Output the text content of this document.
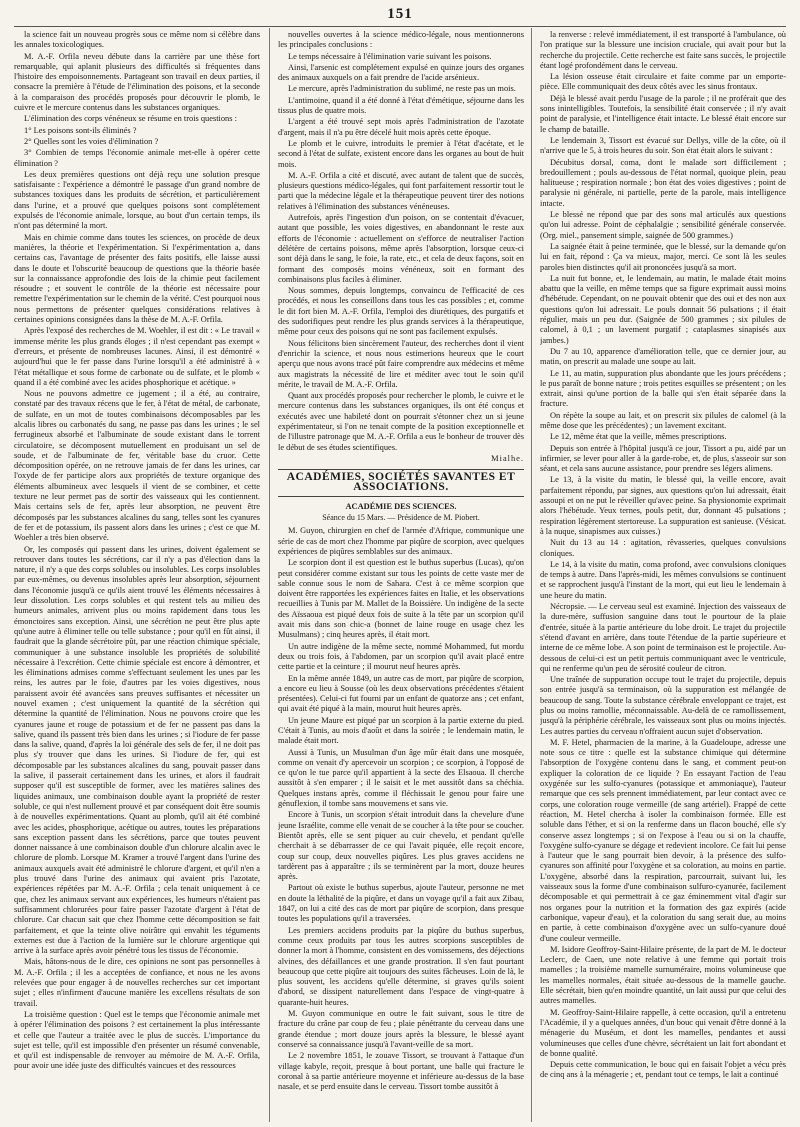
151

la science fait un nouveau progrès sous ce même nom si célèbre dans les annales toxicologiques.

M. A.-F. Orfila neveu débute dans la carrière par une thèse fort remarquable, qui aplanit plusieurs des difficultés si fréquentes dans l'histoire des empoisonnements. Partageant son travail en deux parties, il consacre la première à l'étude de l'élimination des poisons, et la seconde à la comparaison des procédés proposés pour découvrir le plomb, le cuivre et le mercure contenus dans les substances organiques.

L'élimination des corps vénéneux se résume en trois questions :

1° Les poisons sont-ils éliminés ?

2° Quelles sont les voies d'élimination ?

3° Combien de temps l'économie animale met-elle à opérer cette élimination ?

Les deux premières questions ont déjà reçu une solution presque satisfaisante : l'expérience a démontré le passage d'un grand nombre de substances toxiques dans les produits de sécrétion, et particulièrement dans l'urine, et a prouvé que quelques poisons sont complétement expulsés de l'économie animale, lorsque, au bout d'un certain temps, ils n'ont pas déterminé la mort.

Mais en chimie comme dans toutes les sciences, on procède de deux manières, la théorie et l'expérimentation. Si l'expérimentation a, dans certains cas, l'avantage de présenter des faits positifs, elle laisse aussi dans le doute et l'obscurité beaucoup de questions que la théorie basée sur la connaissance approfondie des lois de la chimie peut facilement résoudre ; et souvent le contrôle de la théorie est nécessaire pour remettre l'expérimentation sur le chemin de la vérité. C'est pourquoi nous nous permettons de présenter quelques considérations relatives à certaines opinions consignées dans la thèse de M. A.-F. Orfila.

Après l'exposé des recherches de M. Woehler, il est dit : « Le travail « immense mérite les plus grands éloges ; il n'est cependant pas exempt « d'erreurs, et présente de nombreuses lacunes. Ainsi, il est démontré « aujourd'hui que le fer passe dans l'urine lorsqu'il a été administré à « l'état métallique et sous forme de carbonate ou de sulfate, et le plomb « quand il a été combiné avec les acides phosphorique et acétique. »

Nous ne pouvons admettre ce jugement ; il a été, au contraire, constaté par des travaux récens que le fer, à l'état de métal, de carbonate, de sulfate, en un mot de toutes combinaisons décomposables par les alcalis libres ou carbonatés du sang, ne passe pas dans les urines ; le sel ferrugineux absorbé et l'albuminate de soude existant dans le torrent circulatoire, se décomposent mutuellement en produisant un sel de soude, et de l'albuminate de fer, véritable base du cruor. Cette décomposition opérée, on ne retrouve jamais de fer dans les urines, car l'oxyde de fer participe alors aux propriétés de texture organique des éléments albumineux avec lesquels il vient de se combiner, et cette texture ne leur permet pas de sortir des vaisseaux qui les contiennent. Mais certains sels de fer, après leur absorption, ne peuvent être décomposés par les substances alcalines du sang, telles sont les cyanures de fer et de potassium, ils passent alors dans les urines ; c'est ce que M. Woehler a très bien observé.

Or, les composés qui passent dans les urines, doivent également se retrouver dans toutes les sécrétions, car il n'y a pas d'élection dans la nature, il n'y a que des corps solubles ou insolubles. Les corps insolubles par eux-mêmes, ou devenus insolubles après leur absorption, séjournent dans l'économie jusqu'à ce qu'ils aient trouvé les éléments nécessaires à leur dissolution. Les corps solubles et qui restent tels au milieu des humeurs animales, arrivent plus ou moins rapidement dans tous les émonctoires sans exception. Ainsi, une sécrétion ne peut être plus apte qu'une autre à éliminer telle ou telle substance ; pour qu'il en fût ainsi, il faudrait que la glande sécrétoire pût, par une réaction chimique spéciale, communiquer à une substance insoluble les propriétés de solubilité nécessaire à l'excrétion. Cette chimie spéciale est encore à démontrer, et les éliminations admises comme s'effectuant seulement les unes par les reins, les autres par le foie, d'autres par les voies digestives, nous paraissent avoir été avancées sans preuves suffisantes et nécessiter un nouvel examen ; c'est uniquement la quantité de la sécrétion qui détermine la quantité de l'élimination. Nous ne pouvons croire que les cyanures jaune et rouge de potassium et de fer ne passent pas dans la salive, quand ils passent très bien dans les urines ; si l'iodure de fer passe dans la salive, quand, d'après la loi générale des sels de fer, il ne doit pas plus s'y trouver que dans les urines. Si l'iodure de fer, qui est décomposable par les substances alcalines du sang, pouvait passer dans la salive, il passerait certainement dans les urines, et alors il faudrait supposer qu'il est susceptible de former, avec les matières salines des liquides animaux, une combinaison double ayant la propriété de rester soluble, ce qui n'est nullement prouvé et par conséquent doit être soumis à de nouvelles expérimentations. Quant au plomb, qu'il ait été combiné avec les acides, phosphorique, acétique ou autres, toutes les préparations sans exception passent dans les sécrétions, parce que toutes peuvent donner naissance à une combinaison double d'un chlorure alcalin avec le chlorure de plomb. Lorsque M. Kramer a trouvé l'argent dans l'urine des animaux auxquels avait été administré le chlorure d'argent, et qu'il n'en a plus trouvé dans l'urine des animaux qui avaient pris l'azotate, expériences répétées par M. A.-F. Orfila ; cela tenait uniquement à ce que, chez les animaux servant aux expériences, les humeurs n'étaient pas suffisamment chlorurées pour faire passer l'azotate d'argent à l'état de chlorure. Car chacun sait que chez l'homme cette décomposition se fait parfaitement, et que la teinte olive noirâtre qui envahit les téguments externes est due à l'action de la lumière sur le chlorure argentique qui arrive à la surface après avoir pénétré tous les tissus de l'économie.

Mais, hâtons-nous de le dire, ces opinions ne sont pas personnelles à M. A.-F. Orfila ; il les a acceptées de confiance, et nous ne les avons relevées que pour engager à de nouvelles recherches sur cet important sujet ; elles n'infirment d'aucune manière les excellens résultats de son travail.

La troisième question : Quel est le temps que l'économie animale met à opérer l'élimination des poisons ? est certainement la plus intéressante et celle que l'auteur a traitée avec le plus de succès. L'importance du sujet est telle, qu'il est impossible d'en présenter un résumé convenable, et qu'il est indispensable de renvoyer au mémoire de M. A.-F. Orfila, pour avoir une idée juste des difficultés vaincues et des ressources

nouvelles ouvertes à la science médico-légale, nous mentionnerons les principales conclusions :

Le temps nécessaire à l'élimination varie suivant les poisons.

Ainsi, l'arsenic est complétement expulsé en quinze jours des organes des animaux auxquels on a fait prendre de l'acide arsénieux.

Le mercure, après l'administration du sublimé, ne reste pas un mois.

L'antimoine, quand il a été donné à l'état d'émétique, séjourne dans les tissus plus de quatre mois.

L'argent a été trouvé sept mois après l'administration de l'azotate d'argent, mais il n'a pu être décelé huit mois après cette époque.

Le plomb et le cuivre, introduits le premier à l'état d'acétate, et le second à l'état de sulfate, existent encore dans les organes au bout de huit mois.

M. A.-F. Orfila a cité et discuté, avec autant de talent que de succès, plusieurs questions médico-légales, qui font parfaitement ressortir tout le parti que la médecine légale et la thérapeutique peuvent tirer des notions relatives à l'élimination des substances vénéneuses.

Autrefois, après l'ingestion d'un poison, on se contentait d'évacuer, autant que possible, les voies digestives, en abandonnant le reste aux efforts de l'économie : actuellement on s'efforce de neutraliser l'action délétère de certains poisons, même après l'absorption, lorsque ceux-ci sont déjà dans le sang, le foie, la rate, etc., et cela de deux façons, soit en formant des composés moins vénéneux, soit en formant des combinaisons plus faciles à éliminer.

Nous sommes, depuis longtemps, convaincu de l'efficacité de ces procédés, et nous les conseillons dans tous les cas possibles ; et, comme le dit fort bien M. A.-F. Orfila, l'emploi des diurétiques, des purgatifs et des sudorifiques peut rendre les plus grands services à la thérapeutique, même pour ceux des poisons qui ne sont pas facilement expulsés.

Nous félicitons bien sincèrement l'auteur, des recherches dont il vient d'enrichir la science, et nous nous estimerions heureux que le court aperçu que nous avons tracé pût faire comprendre aux médecins et même aux magistrats la nécessité de lire et méditer avec tout le soin qu'il mérite, le travail de M. A.-F. Orfila.

Quant aux procédés proposés pour rechercher le plomb, le cuivre et le mercure contenus dans les substances organiques, ils ont été conçus et exécutés avec une habileté dont on pourrait s'étonner chez un si jeune expérimentateur, si l'on ne tenait compte de la position exceptionnelle et de l'illustre patronage que M. A.-F. Orfila a eus le bonheur de trouver dès le début de ses études scientifiques.

Mialhe.

ACADÉMIES, SOCIÉTÉS SAVANTES ET ASSOCIATIONS.
ACADÉMIE DES SCIENCES.
Séance du 15 Mars. — Présidence de M. Piobert.

M. Guyon, chirurgien en chef de l'armée d'Afrique, communique une série de cas de mort chez l'homme par piqûre de scorpion, avec quelques expériences de piqûres semblables sur des animaux.

Le scorpion dont il est question est le buthus superbus (Lucas), qu'on peut considérer comme existant sur tous les points de cette vaste mer de sable connue sous le nom de Sahara. C'est à ce même scorpion que doivent être rapportées les expériences faites en Italie, et les observations recueillies à Tunis par M. Mallet de la Boissière. Un indigène de la secte des Aïssaoua est piqué deux fois de suite à la tête par un scorpion qu'il avait mis dans son chic-a (bonnet de laine rouge en usage chez les Musulmans) ; cinq heures après, il était mort.

Un autre indigène de la même secte, nommé Mohammed, fut mordu deux ou trois fois, à l'abdomen, par un scorpion qu'il avait placé entre cette partie et la ceinture ; il mourut neuf heures après.

En la même année 1849, un autre cas de mort, par piqûre de scorpion, a encore eu lieu à Sousse (où les deux observations précédentes s'étaient présentées). Celui-ci fut fourni par un enfant de quatorze ans ; cet enfant, qui avait été piqué à la main, mourut huit heures après.

Un jeune Maure est piqué par un scorpion à la partie externe du pied. C'était à Tunis, au mois d'août et dans la soirée ; le lendemain matin, le malade était mort.

Aussi à Tunis, un Musulman d'un âge mûr était dans une mosquée, comme on venait d'y apercevoir un scorpion ; ce scorpion, à l'opposé de ce qu'on le tue parce qu'il appartient à la secte des Elsaoua. Il cherche aussitôt à s'en emparer ; il le saisit et le met aussitôt dans sa chéchia. Quelques instans après, comme il fléchissait le genou pour faire une génuflexion, il tombe sans mouvemens et sans vie.

Encore à Tunis, un scorpion s'était introduit dans la chevelure d'une jeune Israélite, comme elle venait de se coucher à la tête pour se coucher. Bientôt après, elle se sent piquer au cuir chevelu, et pendant qu'elle cherchait à se débarrasser de ce qui l'avait piquée, elle reçoit encore, coup sur coup, deux nouvelles piqûres. Les plus graves accidens ne tardèrent pas à apparaître ; ils se terminèrent par la mort, douze heures après.

Partout où existe le buthus superbus, ajoute l'auteur, personne ne met en doute la léthalité de la piqûre, et dans un voyage qu'il a fait aux Zibau, 1847, on lui a cité des cas de mort par piqûre de scorpion, dans presque toutes les populations qu'il a traversées.

Les premiers accidens produits par la piqûre du buthus superbus, comme ceux produits par tous les autres scorpions susceptibles de donner la mort à l'homme, consistent en des vomissemens, des déjections alvines, des défaillances et une grande prostration. Il s'en faut pourtant beaucoup que cette piqûre ait toujours des suites fâcheuses. Loin de là, le plus souvent, les accidens qu'elle détermine, si graves qu'ils soient d'abord, se dissipent naturellement dans l'espace de vingt-quatre à quarante-huit heures.

M. Guyon communique en outre le fait suivant, sous le titre de fracture du crâne par coup de feu ; plaie pénétrante du cerveau dans une grande étendue ; mort douze jours après la blessure, le blessé ayant conservé sa connaissance jusqu'à l'avant-veille de sa mort.

Le 2 novembre 1851, le zouave Tissort, se trouvant à l'attaque d'un village kabyle, reçoit, presque à bout portant, une balle qui fracture le coronal à sa partie antérieure moyenne et inférieure au-dessus de la base nasale, et se perd ensuite dans le cerveau. Tissort tombe aussitôt à

la renverse : relevé immédiatement, il est transporté à l'ambulance, où l'on pratique sur la blessure une incision cruciale, qui avait pour but la recherche du projectile. Cette recherche est faite sans succès, le projectile étant logé profondément dans le cerveau.

La lésion osseuse était circulaire et faite comme par un emporte-pièce. Elle communiquait des deux côtés avec les sinus frontaux.

Déjà le blessé avait perdu l'usage de la parole ; il ne proférait que des sons inintelligibles. Toutefois, la sensibilité était conservée ; il n'y avait point de paralysie, et l'intelligence était intacte. Le blessé était encore sur le champ de bataille.

Le lendemain 3, Tissort est évacué sur Dellys, ville de la côte, où il n'arrive que le 5, à trois heures du soir. Son état était alors le suivant :

Décubitus dorsal, coma, dont le malade sort difficilement ; bredouillement ; pouls au-dessous de l'état normal, quoique plein, peau halitueuse ; respiration normale ; bon état des voies digestives ; point de paralysie ni générale, ni partielle, perte de la parole, mais intelligence intacte.

Le blessé ne répond que par des sons mal articulés aux questions qu'on lui adresse. Point de céphalalgie ; sensibilité générale conservée. (Org. miel., pansement simple, saignée de 500 grammes.)

La saignée était à peine terminée, que le blessé, sur la demande qu'on lui en fait, répond : Ça va mieux, major, merci. Ce sont là les seules paroles bien distinctes qu'il ait prononcées jusqu'à sa mort.

La nuit fut bonne, et, le lendemain, au matin, le malade était moins abattu que la veille, en même temps que sa figure exprimait aussi moins d'hébétude. Cependant, on ne pouvait obtenir que des oui et des non aux questions qu'on lui adressait. Le pouls donnait 56 pulsations ; il était régulier, mais un peu dur. (Saignée de 500 grammes ; six pilules de calomel, à 0,1 ; un lavement purgatif ; cataplasmes sinapisés aux jambes.)

Du 7 au 10, apparence d'amélioration telle, que ce dernier jour, au matin, on prescrit au malade une soupe au lait.

Le 11, au matin, suppuration plus abondante que les jours précédens ; le pus paraît de bonne nature ; trois petites esquilles se présentent ; on les extrait, ainsi qu'une portion de la balle qui s'en était séparée dans la fracture.

On répète la soupe au lait, et on prescrit six pilules de calomel (à la même dose que les précédentes) ; un lavement excitant.

Le 12, même état que la veille, mêmes prescriptions.

Depuis son entrée à l'hôpital jusqu'à ce jour, Tissort a pu, aidé par un infirmier, se lever pour aller à la garde-robe, et, de plus, s'asseoir sur son séant, et cela sans aucune assistance, pour prendre ses légers alimens.

Le 13, à la visite du matin, le blessé qui, la veille encore, avait parfaitement répondu, par signes, aux questions qu'on lui adressait, était assoupi et on ne put le réveiller qu'avec peine. Sa physionomie exprimait alors l'hébétude. Yeux ternes, pouls petit, dur, donnant 45 pulsations ; respiration légèrement stertoreuse. La suppuration est sanieuse. (Vésicat. à la nuque, sinapismes aux cuisses.)

Nuit du 13 au 14 : agitation, rêvasseries, quelques convulsions cloniques.

Le 14, à la visite du matin, coma profond, avec convulsions cloniques de temps à autre. Dans l'après-midi, les mêmes convulsions se continuent et se rapprochent jusqu'à l'instant de la mort, qui eut lieu le lendemain à une heure du matin.

Nécropsie. — Le cerveau seul est examiné. Injection des vaisseaux de la dure-mère, suffusion sanguine dans tout le pourtour de la plaie d'entrée, située à la partie antérieure du lobe droit. Le trajet du projectile s'étend d'avant en arrière, dans toute l'étendue de la partie supérieure et interne de ce même lobe. A son point de terminaison est le projectile. Au-dessous de celui-ci est un petit pertuis communiquant avec le ventricule, qui ne renferme qu'un peu de sérosité couleur de citron.

Une traînée de suppuration occupe tout le trajet du projectile, depuis son entrée jusqu'à sa terminaison, où la suppuration est mélangée de beaucoup de sang. Toute la substance cérébrale enveloppant ce trajet, est plus ou moins ramollie, méconnaissable. Au-delà de ce ramollissement, jusqu'à la périphérie cérébrale, les vaisseaux sont plus ou moins injectés. Les autres parties du cerveau n'offraient aucun sujet d'observation.

M. F. Hetel, pharmacien de la marine, à la Guadeloupe, adresse une note sous ce titre : quelle est la substance chimique qui détermine l'absorption de l'oxygène contenu dans le sang, et comment peut-on expliquer la coloration de ce liquide ? En essayant l'action de l'eau oxygénée sur les sulfo-cyanures (potassique et ammoniaque), l'auteur remarque que ces sels prennent immédiatement, par leur contact avec ce corps, une coloration rouge vermeille (de sang artériel). Frappé de cette réaction, M. Hetel chercha à isoler la combinaison formée. Elle est soluble dans l'éther, et si on la renferme dans un flacon bouché, elle s'y conserve assez longtemps ; si on l'expose à l'eau ou si on la chauffe, l'oxygène sulfo-cyanure se dégage et redevient incolore. Ce fait lui pense à l'auteur que le sang pourrait bien devoir, à la présence des sulfo-cyanures son affinité pour l'oxygène et sa coloration, au moins en partie. L'oxygène, absorbé dans la respiration, parcourrait, suivant lui, les vaisseaux sous la forme d'une combinaison sulfuro-cyanurée, facilement décomposable et qui permettrait à ce gaz éminemment vital d'agir sur nos organes pour la nutrition et la formation des gaz expirés (acide carbonique, vapeur d'eau), et la coloration du sang serait due, au moins en partie, à cette combinaison d'oxygène avec un sulfo-cyanure doué d'une couleur vermeille.

M. Isidore Geoffroy-Saint-Hilaire présente, de la part de M. le docteur Leclerc, de Caen, une note relative à une femme qui portait trois mamelles ; la troisième mamelle surnuméraire, moins volumineuse que les mamelles normales, était située au-dessous de la mamelle gauche. Elle sécrétait, bien qu'en moindre quantité, un lait aussi pur que celui des autres mamelles.

M. Geoffroy-Saint-Hilaire rappelle, à cette occasion, qu'il a entretenu l'Académie, il y a quelques années, d'un bouc qui venait d'être donné à la ménagerie du Muséum, et dont les mamelles, pendantes et aussi volumineuses que celles d'une chèvre, sécrétaient un lait fort abondant et de bonne qualité.

Depuis cette communication, le bouc qui en faisait l'objet a vécu près de cinq ans à la ménagerie ; et, pendant tout ce temps, le lait a continué
